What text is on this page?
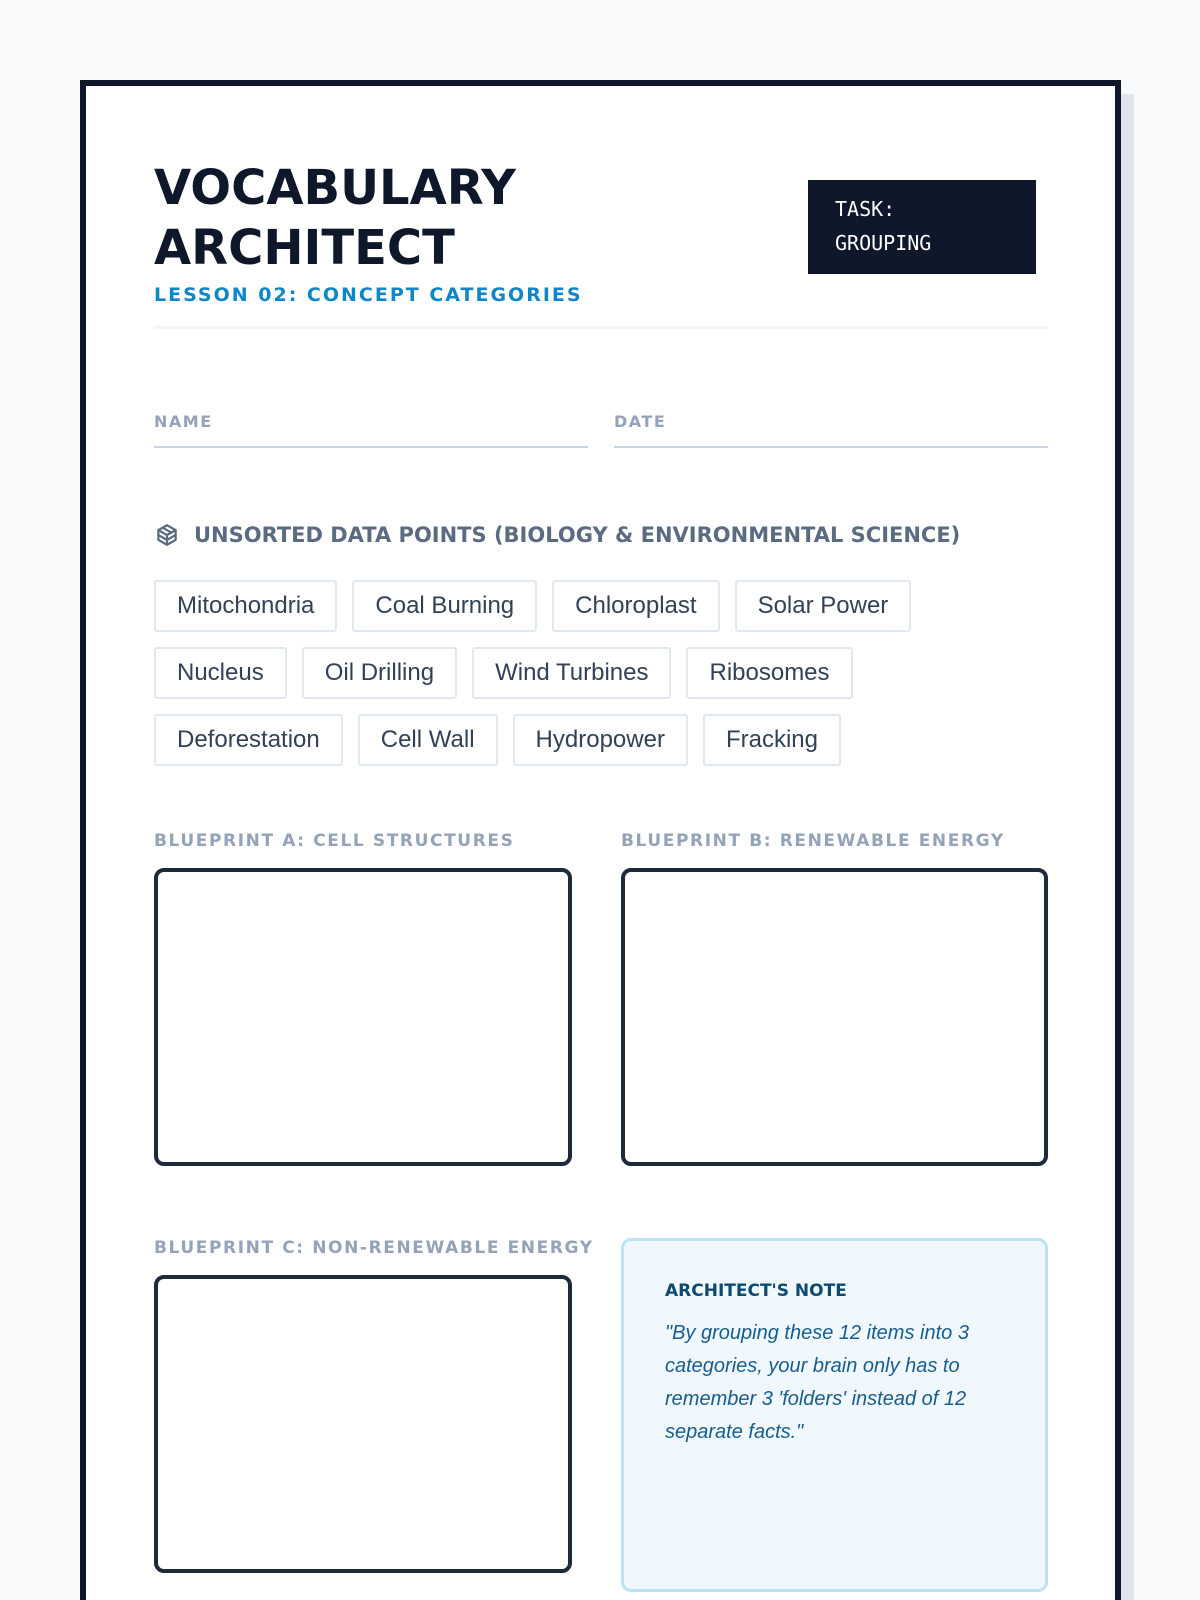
VOCABULARY ARCHITECT
LESSON 02: CONCEPT CATEGORIES
TASK:
GROUPING
NAME	DATE
UNSORTED DATA POINTS (BIOLOGY & ENVIRONMENTAL SCIENCE)
Mitochondria	Coal Burning	Chloroplast	Solar Power
Nucleus	Oil Drilling	Wind Turbines	Ribosomes
Deforestation	Cell Wall	Hydropower	Fracking
BLUEPRINT A: CELL STRUCTURES	BLUEPRINT B: RENEWABLE ENERGY
BLUEPRINT C: NON-RENEWABLE ENERGY
ARCHITECT'S NOTE
"By grouping these 12 items into 3 categories, your brain only has to remember 3 'folders' instead of 12 separate facts."
